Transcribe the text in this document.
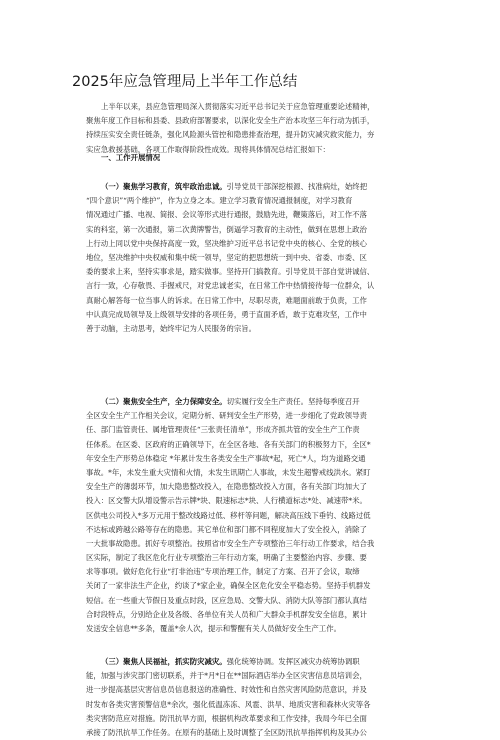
2025年应急管理局上半年工作总结
上半年以来，县应急管理局深入贯彻落实习近平总书记关于应急管理重要论述精神，
聚焦年度工作目标和县委、县政府部署要求，以深化安全生产治本攻坚三年行动为抓手，
持续压实安全责任链条，强化风险源头管控和隐患排查治理，提升防灾减灾救灾能力，夯
实应急救援基础，各项工作取得阶段性成效。现将具体情况总结汇报如下：
一、工作开展情况
（一）聚焦学习教育，筑牢政治忠诚。引导党员干部深挖根源、找准病灶，始终把
“四个意识”“两个维护”，作为立身之本。建立学习教育情况通报制度，对学习教育
情况通过广播、电视、简报、会议等形式进行通报，鼓励先进，鞭策落后，对工作不落
实的科室，第一次通报，第二次黄牌警告，倒逼学习教育的主动性，做到在思想上政治
上行动上同以党中央保持高度一致，坚决维护习近平总书记党中央的核心、全党的核心
地位，坚决维护中央权威和集中统一领导，坚定的把思想统一到中央、省委、市委、区
委的要求上来，坚持实事求是，踏实做事。坚持开门搞教育。引导党员干部自觉讲诚信、
言行一致，心存敬畏、手握戒尺，对党忠诚老实，在日常工作中热情接待每一位群众，认
真耐心解答每一位当事人的诉求。在日常工作中，尽职尽责，难题面前敢于负责，工作
中认真完成局领导及上级领导安排的各项任务，勇于直面矛盾，敢于克难攻坚，工作中
善于动脑，主动思考，始终牢记为人民服务的宗旨。
（二）聚焦安全生产，全力保障安全。切实履行安全生产责任。坚持每季度召开
全区安全生产工作相关会议，定期分析、研判安全生产形势，进一步细化了党政领导责
任、部门监管责任、属地管理责任“三张责任清单”，形成齐抓共管的安全生产工作责
任体系。在区委、区政府的正确领导下，在全区各地、各有关部门的积极努力下，全区*
年安全生产形势总体稳定 *年累计发生各类安全生产事故*起，死亡*人，均为道路交通
事故。*年，未发生重大灾情和火情，未发生讯期亡人事故，未发生超警戒线洪水。紧盯
安全生产的薄弱环节，加大隐患整改投入，在隐患整改投入方面，各有关部门均加大了
投入：区交警大队增设警示告示牌*块、限速标志*块、人行横道标志*处、减速带*米。
区供电公司投入*多万元用于整改线路过低、移杆等问题，解决高压线下垂钓、线路过低
不达标或跨越公路等存在的隐患。其它单位和部门都不同程度加大了安全投入，消除了
一大批事故隐患。抓好专项整治。按照省市安全生产专项整治三年行动工作要求，结合我
区实际，制定了我区危化行业专项整治三年行动方案，明确了主要整治内容、步骤、要
求等事项。做好危化行业“打非治违”专项治理工作，制定了方案、召开了会议，取缔
关闭了一家非法生产企业，约谈了*家企业，确保全区危化安全平稳态势。坚持手机群发
短信。在一些重大节假日及重点时段，区应急局、交警大队、消防大队等部门都认真结
合时段特点，分别给企业及各级、各单位有关人员和广大群众手机群发安全信息，累计
发送安全信息**多条，覆盖*余人次，提示和警醒有关人员做好安全生产工作。
（三）聚焦人民福祉，抓实防灾减灾。强化统筹协调。发挥区减灾办统筹协调职
能，加强与涉灾部门密切联系，并于*月*日在**国际酒店举办全区灾害信息员培训会，
进一步提高基层灾害信息员信息报送的准确性、时效性和自然灾害风险防范意识，并及
时发布各类灾害预警信息*余次，强化低温冻冻、风雹、洪旱、地质灾害和森林火灾等各
类灾害防范应对措施。防汛抗旱方面，根据机构改革要求和工作安排，我局今年已全面
承接了防汛抗旱工作任务。在原有的基础上及时调整了全区防汛抗旱指挥机构及其办公
